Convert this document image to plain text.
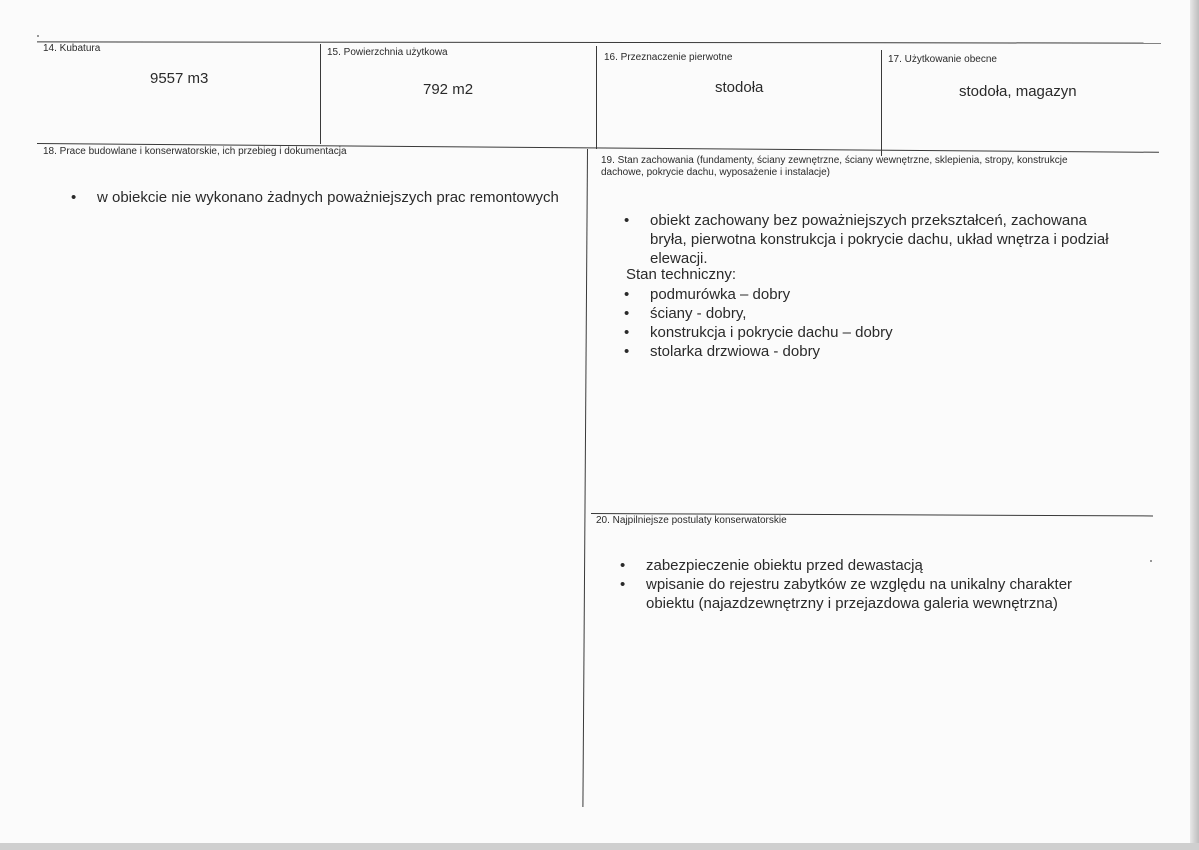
14. Kubatura
9557 m3
15. Powierzchnia użytkowa
792 m2
16. Przeznaczenie pierwotne
stodoła
17. Użytkowanie obecne
stodoła, magazyn
18. Prace budowlane i konserwatorskie, ich przebieg i dokumentacja
• w obiekcie nie wykonano żadnych poważniejszych prac remontowych
19. Stan zachowania (fundamenty, ściany zewnętrzne, ściany wewnętrzne, sklepienia, stropy, konstrukcje dachowe, pokrycie dachu, wyposażenie i instalacje)
• obiekt zachowany bez poważniejszych przekształceń, zachowana bryła, pierwotna konstrukcja i pokrycie dachu, układ wnętrza i podział elewacji.
Stan techniczny:
• podmurówka – dobry
• ściany - dobry,
• konstrukcja i pokrycie dachu – dobry
• stolarka drzwiowa - dobry
20. Najpilniejsze postulaty konserwatorskie
• zabezpieczenie obiektu przed dewastacją
• wpisanie do rejestru zabytków ze względu na unikalny charakter obiektu (najazdzewnętrzny i przejazdowa galeria wewnętrzna)
